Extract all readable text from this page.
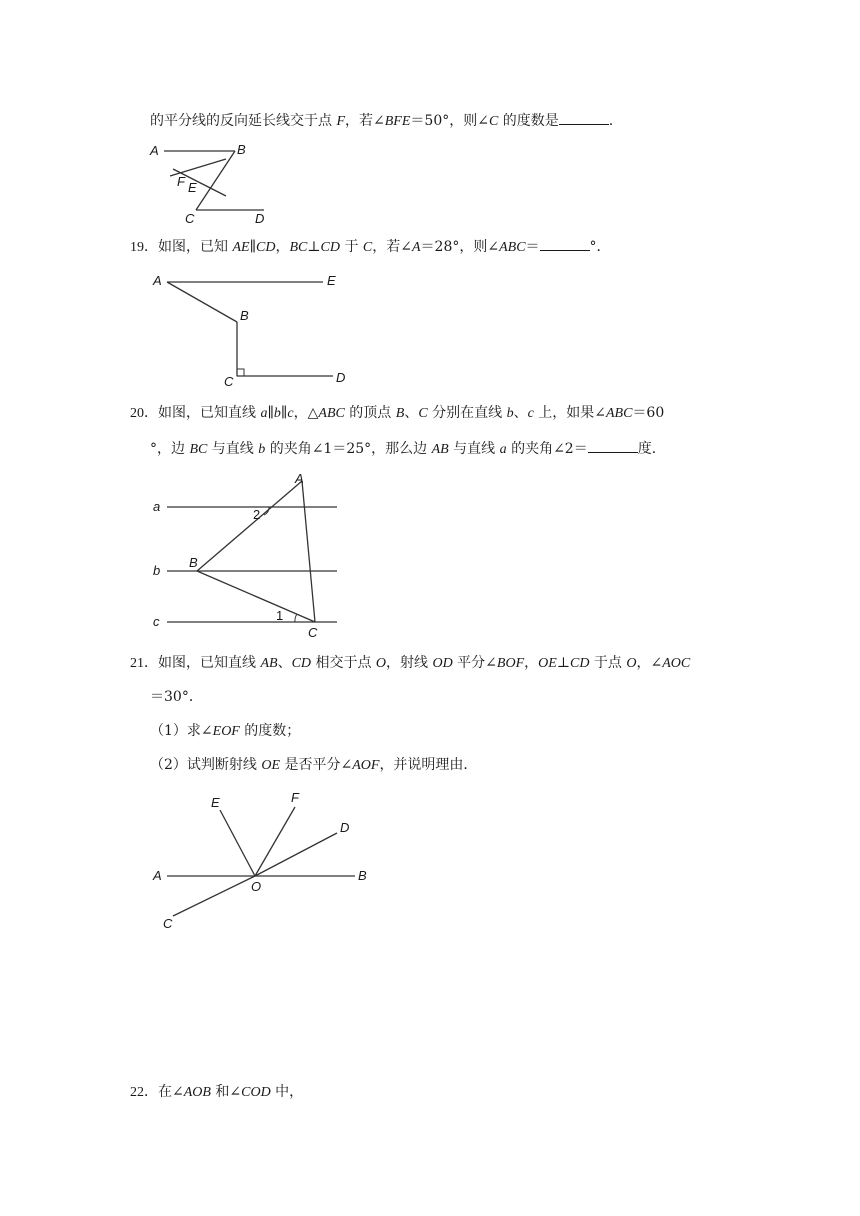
的平分线的反向延长线交于点 F，若∠BFE＝50°，则∠C 的度数是	.
A	B
F E
C	D
19．如图，已知 AE∥CD，BC⊥CD 于 C，若∠A＝28°，则∠ABC＝	°．
A	E
B
C	D
20．如图，已知直线 a∥b∥c，△ABC 的顶点 B、C 分别在直线 b、c 上，如果∠ABC＝60
°，边 BC 与直线 b 的夹角∠1＝25°，那么边 AB 与直线 a 的夹角∠2＝	度．
a
b
c
A
B
C
2
1
21．如图，已知直线 AB、CD 相交于点 O，射线 OD 平分∠BOF，OE⊥CD 于点 O，∠AOC
＝30°．
（1）求∠EOF 的度数；
（2）试判断射线 OE 是否平分∠AOF，并说明理由．
E	F
D
A
O
B
C
22．在∠AOB 和∠COD 中，
